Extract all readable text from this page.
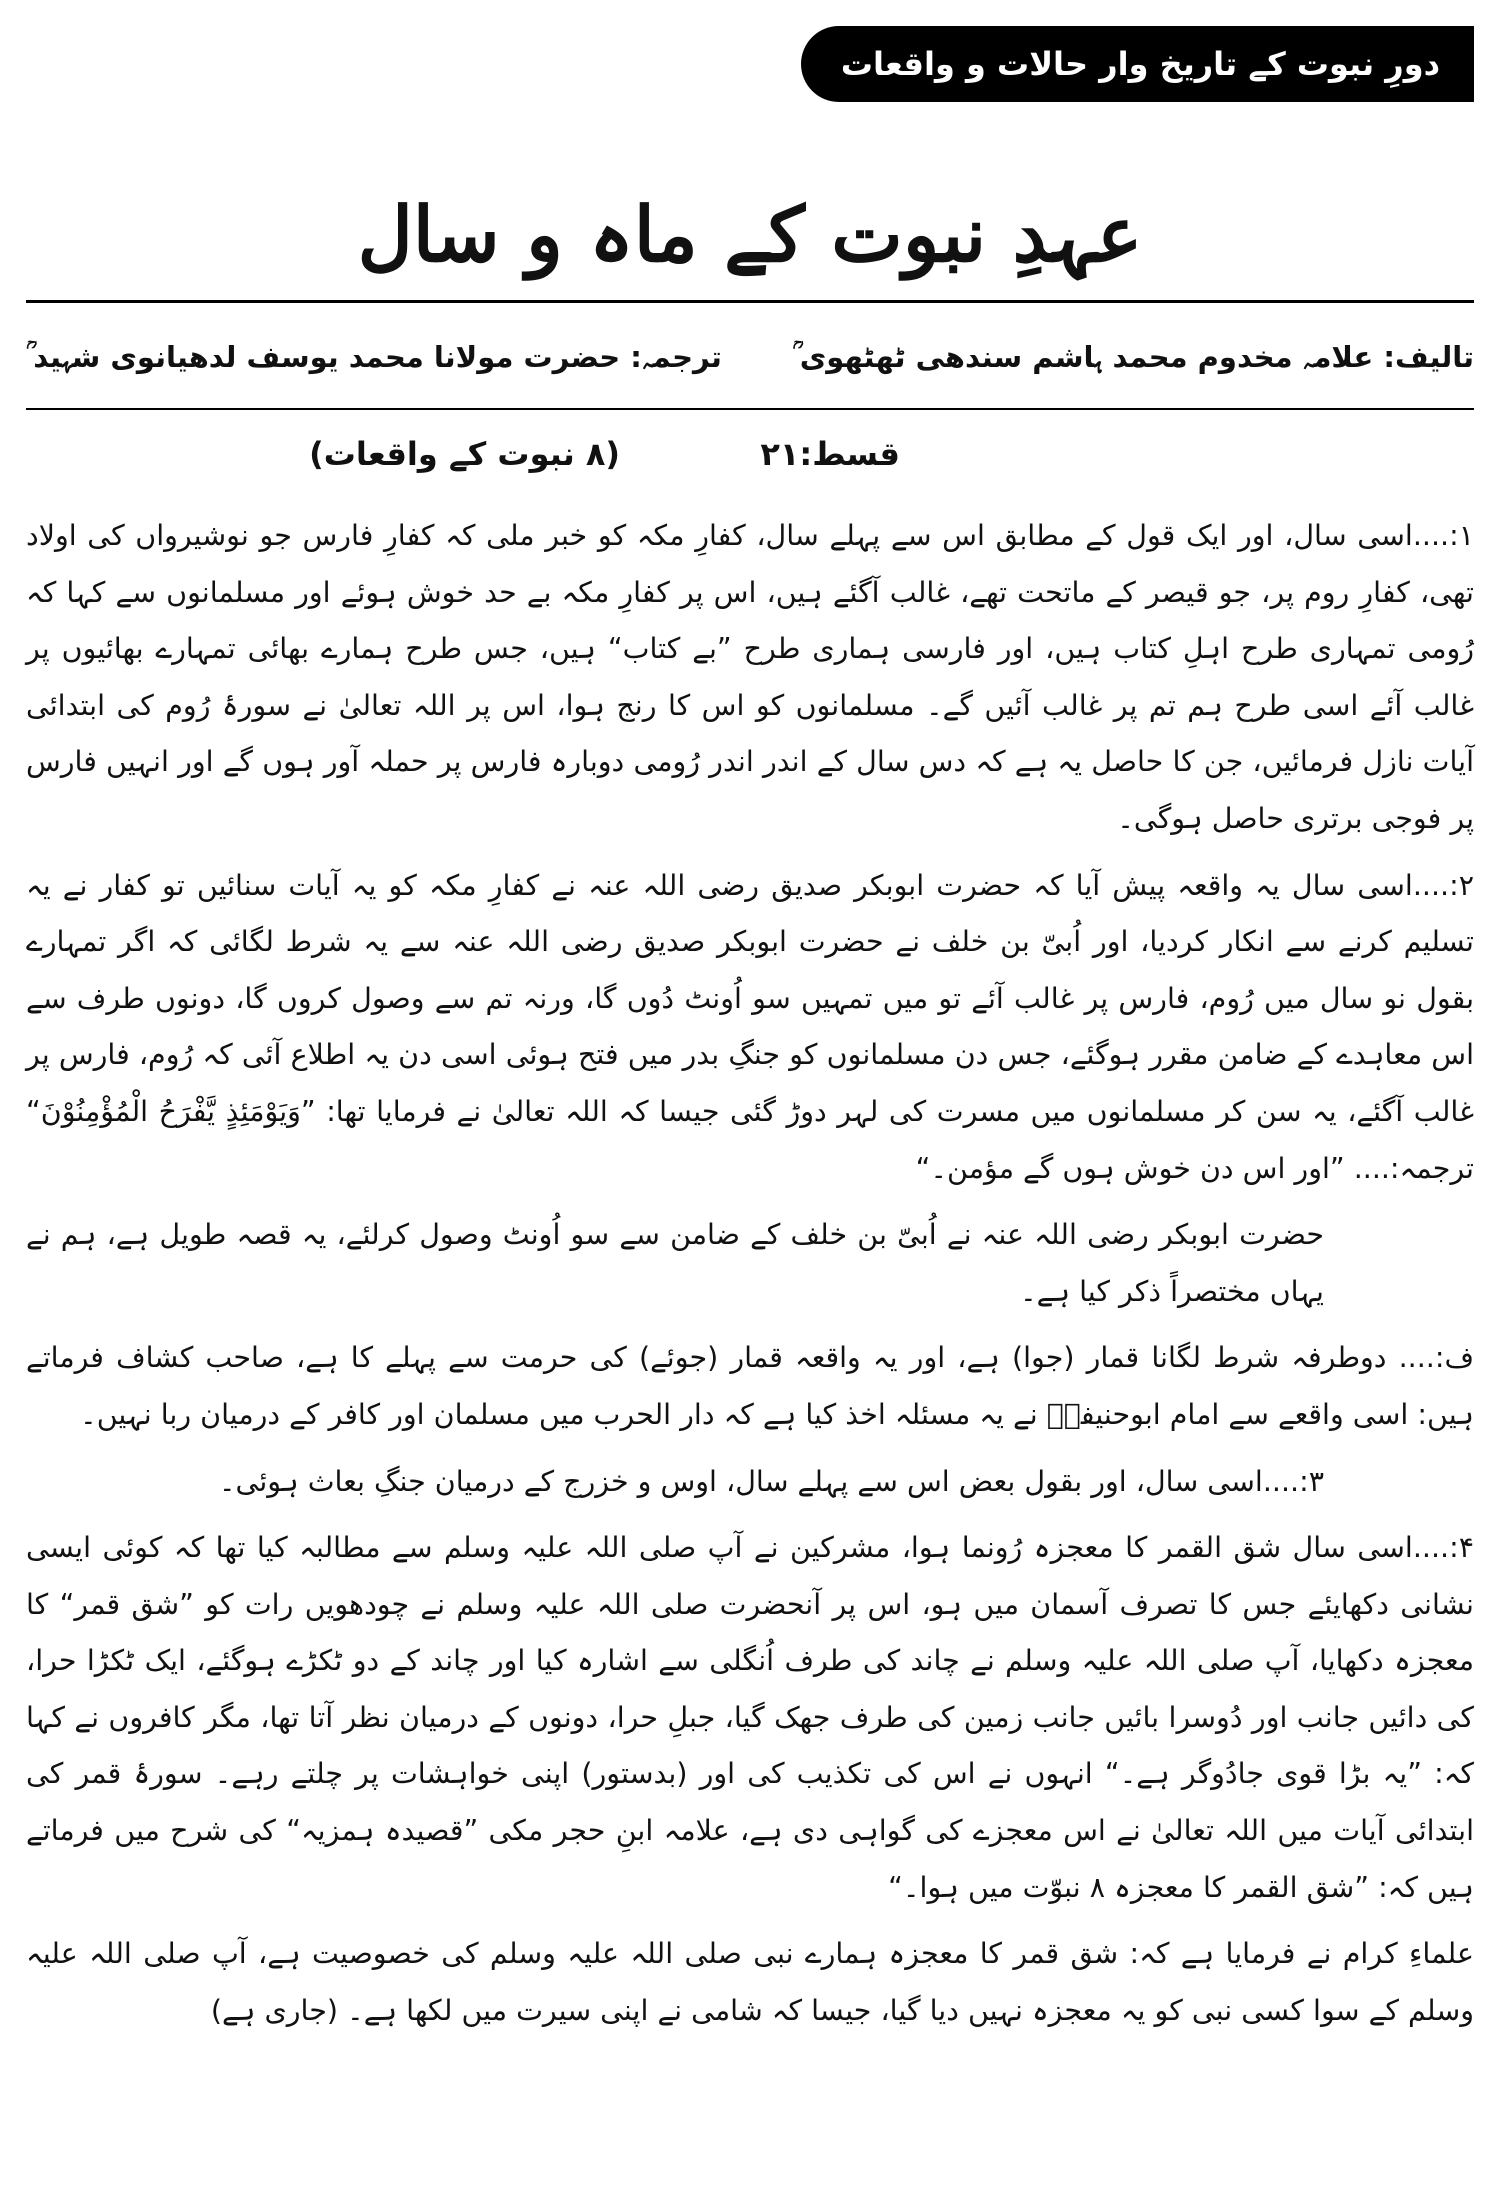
دورِ نبوت کے تاریخ وار حالات و واقعات
عہدِ نبوت کے ماہ و سال
تالیف: علامہ مخدوم محمد ہاشم سندھی ٹھٹھوی ؒ
ترجمہ: حضرت مولانا محمد یوسف لدھیانوی شہید ؒ
قسط:۲۱
(۸ نبوت کے واقعات)

۱:....اسی سال، اور ایک قول کے مطابق اس سے پہلے سال، کفارِ مکہ کو خبر ملی کہ کفارِ فارس جو نوشیرواں کی اولاد تھی، کفارِ روم پر، جو قیصر کے ماتحت تھے، غالب آگئے ہیں، اس پر کفارِ مکہ بے حد خوش ہوئے اور مسلمانوں سے کہا کہ رُومی تمہاری طرح اہلِ کتاب ہیں، اور فارسی ہماری طرح ”بے کتاب“ ہیں، جس طرح ہمارے بھائی تمہارے بھائیوں پر غالب آئے اسی طرح ہم تم پر غالب آئیں گے۔ مسلمانوں کو اس کا رنج ہوا، اس پر اللہ تعالیٰ نے سورۂ رُوم کی ابتدائی آیات نازل فرمائیں، جن کا حاصل یہ ہے کہ دس سال کے اندر اندر رُومی دوبارہ فارس پر حملہ آور ہوں گے اور انہیں فارس پر فوجی برتری حاصل ہوگی۔

۲:....اسی سال یہ واقعہ پیش آیا کہ حضرت ابوبکر صدیق رضی اللہ عنہ نے کفارِ مکہ کو یہ آیات سنائیں تو کفار نے یہ تسلیم کرنے سے انکار کردیا، اور اُبیّ بن خلف نے حضرت ابوبکر صدیق رضی اللہ عنہ سے یہ شرط لگائی کہ اگر تمہارے بقول نو سال میں رُوم، فارس پر غالب آئے تو میں تمہیں سو اُونٹ دُوں گا، ورنہ تم سے وصول کروں گا، دونوں طرف سے اس معاہدے کے ضامن مقرر ہوگئے، جس دن مسلمانوں کو جنگِ بدر میں فتح ہوئی اسی دن یہ اطلاع آئی کہ رُوم، فارس پر غالب آگئے، یہ سن کر مسلمانوں میں مسرت کی لہر دوڑ گئی جیسا کہ اللہ تعالیٰ نے فرمایا تھا: ”وَیَوْمَئِذٍ یَّفْرَحُ الْمُؤْمِنُوْنَ“ ترجمہ:.... ”اور اس دن خوش ہوں گے مؤمن۔“

حضرت ابوبکر رضی اللہ عنہ نے اُبیّ بن خلف کے ضامن سے سو اُونٹ وصول کرلئے، یہ قصہ طویل ہے، ہم نے یہاں مختصراً ذکر کیا ہے۔

ف:.... دوطرفہ شرط لگانا قمار (جوا) ہے، اور یہ واقعہ قمار (جوئے) کی حرمت سے پہلے کا ہے، صاحب کشاف فرماتے ہیں: اسی واقعے سے امام ابوحنیفہؒ نے یہ مسئلہ اخذ کیا ہے کہ دار الحرب میں مسلمان اور کافر کے درمیان ربا نہیں۔

۳:....اسی سال، اور بقول بعض اس سے پہلے سال، اوس و خزرج کے درمیان جنگِ بعاث ہوئی۔

۴:....اسی سال شق القمر کا معجزہ رُونما ہوا، مشرکین نے آپ صلی اللہ علیہ وسلم سے مطالبہ کیا تھا کہ کوئی ایسی نشانی دکھایئے جس کا تصرف آسمان میں ہو، اس پر آنحضرت صلی اللہ علیہ وسلم نے چودھویں رات کو ”شق قمر“ کا معجزہ دکھایا، آپ صلی اللہ علیہ وسلم نے چاند کی طرف اُنگلی سے اشارہ کیا اور چاند کے دو ٹکڑے ہوگئے، ایک ٹکڑا حرا، کی دائیں جانب اور دُوسرا بائیں جانب زمین کی طرف جھک گیا، جبلِ حرا، دونوں کے درمیان نظر آتا تھا، مگر کافروں نے کہا کہ: ”یہ بڑا قوی جادُوگر ہے۔“ انہوں نے اس کی تکذیب کی اور (بدستور) اپنی خواہشات پر چلتے رہے۔ سورۂ قمر کی ابتدائی آیات میں اللہ تعالیٰ نے اس معجزے کی گواہی دی ہے، علامہ ابنِ حجر مکی ”قصیدہ ہمزیہ“ کی شرح میں فرماتے ہیں کہ: ”شق القمر کا معجزہ ۸ نبوّت میں ہوا۔“

علماءِ کرام نے فرمایا ہے کہ: شق قمر کا معجزہ ہمارے نبی صلی اللہ علیہ وسلم کی خصوصیت ہے، آپ صلی اللہ علیہ وسلم کے سوا کسی نبی کو یہ معجزہ نہیں دیا گیا، جیسا کہ شامی نے اپنی سیرت میں لکھا ہے۔ (جاری ہے)
